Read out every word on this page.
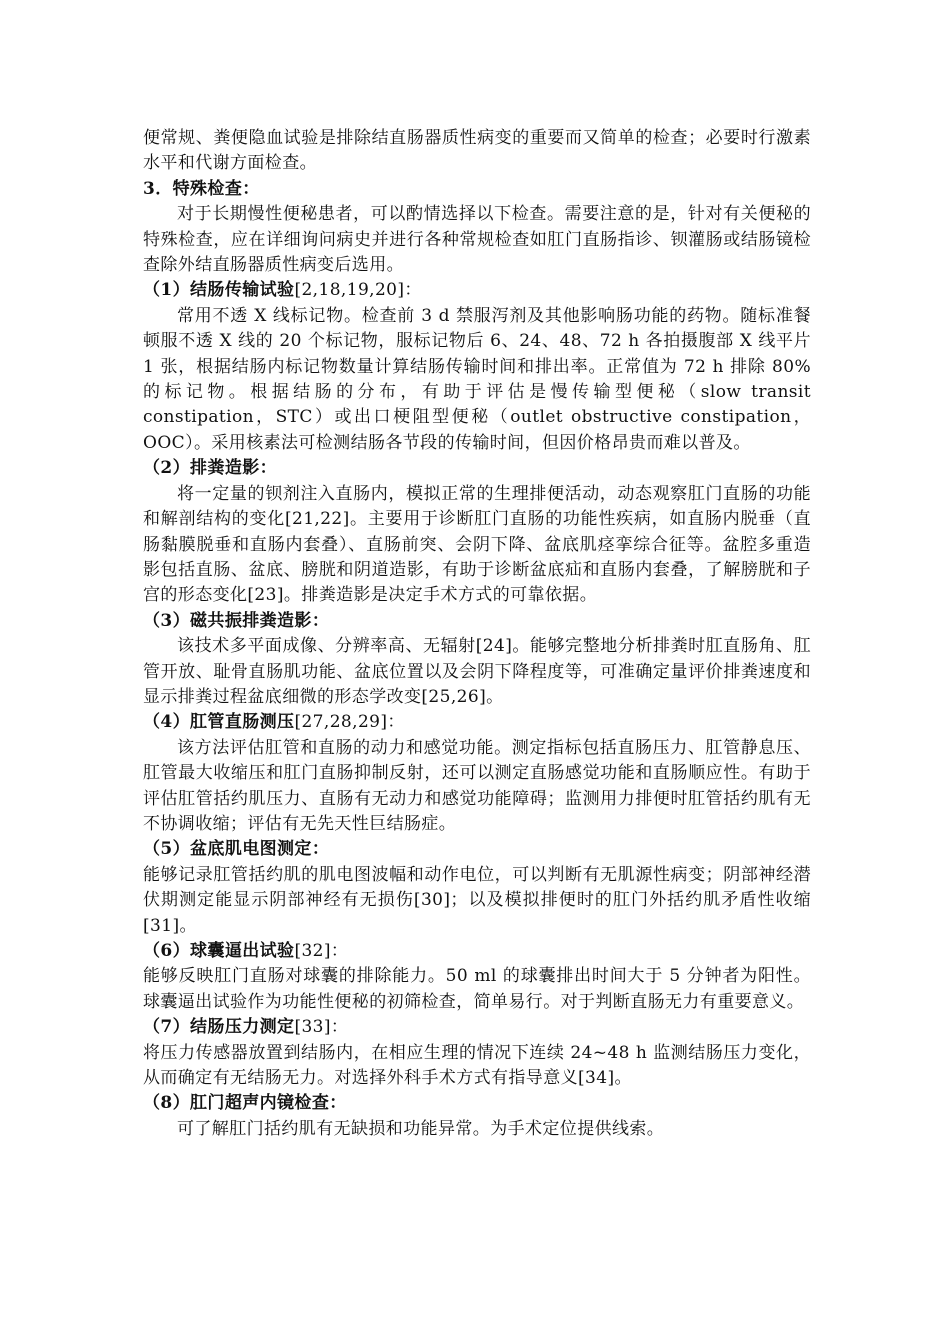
便常规、粪便隐血试验是排除结直肠器质性病变的重要而又简单的检查；必要时行激素水平和代谢方面检查。

3．特殊检查：

对于长期慢性便秘患者，可以酌情选择以下检查。需要注意的是，针对有关便秘的特殊检查，应在详细询问病史并进行各种常规检查如肛门直肠指诊、钡灌肠或结肠镜检查除外结直肠器质性病变后选用。

（1）结肠传输试验[2,18,19,20]：

常用不透 X 线标记物。检查前 3 d 禁服泻剂及其他影响肠功能的药物。随标准餐顿服不透 X 线的 20 个标记物，服标记物后 6、24、48、72 h 各拍摄腹部 X 线平片 1 张，根据结肠内标记物数量计算结肠传输时间和排出率。正常值为 72 h 排除 80%的标记物。根据结肠的分布，有助于评估是慢传输型便秘（slow transit constipation，STC）或出口梗阻型便秘（outlet obstructive constipation，OOC）。采用核素法可检测结肠各节段的传输时间，但因价格昂贵而难以普及。

（2）排粪造影：

将一定量的钡剂注入直肠内，模拟正常的生理排便活动，动态观察肛门直肠的功能和解剖结构的变化[21,22]。主要用于诊断肛门直肠的功能性疾病，如直肠内脱垂（直肠黏膜脱垂和直肠内套叠）、直肠前突、会阴下降、盆底肌痉挛综合征等。盆腔多重造影包括直肠、盆底、膀胱和阴道造影，有助于诊断盆底疝和直肠内套叠，了解膀胱和子宫的形态变化[23]。排粪造影是决定手术方式的可靠依据。

（3）磁共振排粪造影：

该技术多平面成像、分辨率高、无辐射[24]。能够完整地分析排粪时肛直肠角、肛管开放、耻骨直肠肌功能、盆底位置以及会阴下降程度等，可准确定量评价排粪速度和显示排粪过程盆底细微的形态学改变[25,26]。

（4）肛管直肠测压[27,28,29]：

该方法评估肛管和直肠的动力和感觉功能。测定指标包括直肠压力、肛管静息压、肛管最大收缩压和肛门直肠抑制反射，还可以测定直肠感觉功能和直肠顺应性。有助于评估肛管括约肌压力、直肠有无动力和感觉功能障碍；监测用力排便时肛管括约肌有无不协调收缩；评估有无先天性巨结肠症。

（5）盆底肌电图测定：

能够记录肛管括约肌的肌电图波幅和动作电位，可以判断有无肌源性病变；阴部神经潜伏期测定能显示阴部神经有无损伤[30]；以及模拟排便时的肛门外括约肌矛盾性收缩[31]。

（6）球囊逼出试验[32]：

能够反映肛门直肠对球囊的排除能力。50 ml 的球囊排出时间大于 5 分钟者为阳性。球囊逼出试验作为功能性便秘的初筛检查，简单易行。对于判断直肠无力有重要意义。

（7）结肠压力测定[33]：

将压力传感器放置到结肠内，在相应生理的情况下连续 24~48 h 监测结肠压力变化，从而确定有无结肠无力。对选择外科手术方式有指导意义[34]。

（8）肛门超声内镜检查：

可了解肛门括约肌有无缺损和功能异常。为手术定位提供线索。
